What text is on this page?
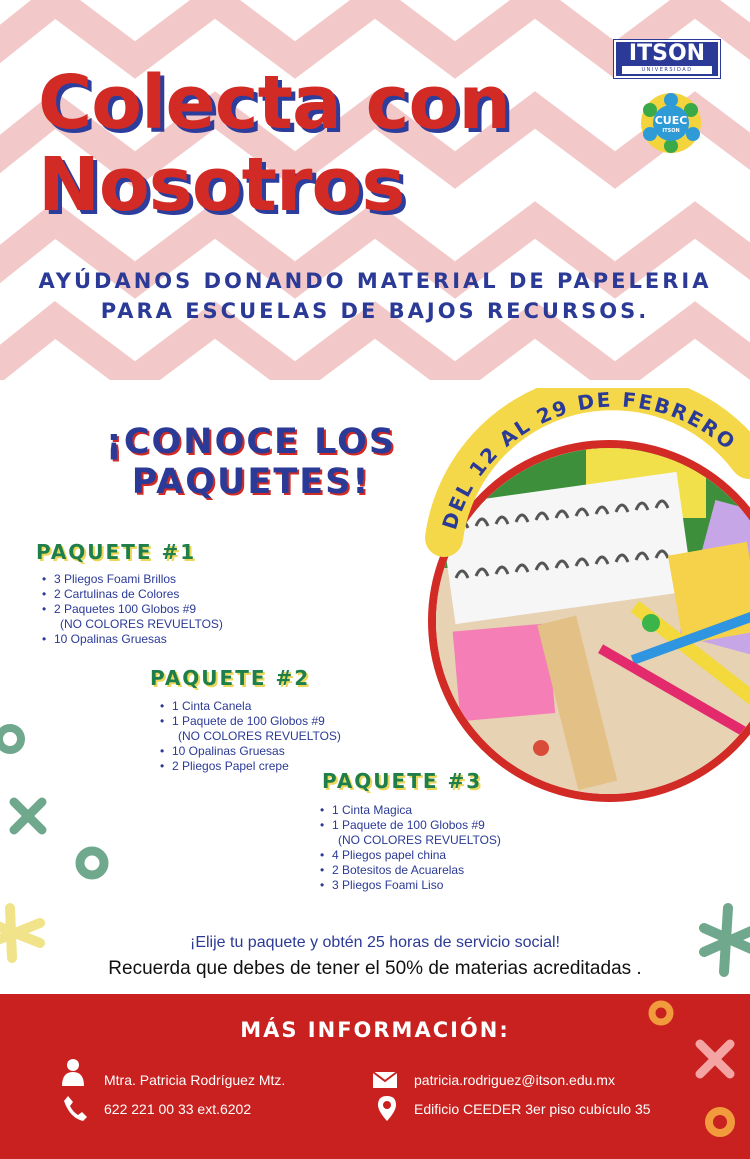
Colecta con
Nosotros
ITSON
UNIVERSIDAD
CUEC
ITSON
AYÚDANOS DONANDO MATERIAL DE PAPELERIA
PARA ESCUELAS DE BAJOS RECURSOS.
¡CONOCE LOS
PAQUETES!
DEL 12 AL 29 DE FEBRERO
PAQUETE #1
• 3 Pliegos Foami Brillos
• 2 Cartulinas de Colores
• 2 Paquetes 100 Globos #9
(NO COLORES REVUELTOS)
• 10 Opalinas Gruesas
PAQUETE #2
• 1 Cinta Canela
• 1 Paquete de 100 Globos #9
(NO COLORES REVUELTOS)
• 10 Opalinas Gruesas
• 2 Pliegos Papel crepe
PAQUETE #3
• 1 Cinta Magica
• 1 Paquete de 100 Globos #9
(NO COLORES REVUELTOS)
• 4 Pliegos papel china
• 2 Botesitos de Acuarelas
• 3 Pliegos Foami Liso
¡Elije tu paquete y obtén 25 horas de servicio social!
Recuerda que debes de tener el 50% de materias acreditadas .
MÁS INFORMACIÓN:
Mtra. Patricia Rodríguez Mtz.
622 221 00 33 ext.6202
patricia.rodriguez@itson.edu.mx
Edificio CEEDER 3er piso cubículo 35
